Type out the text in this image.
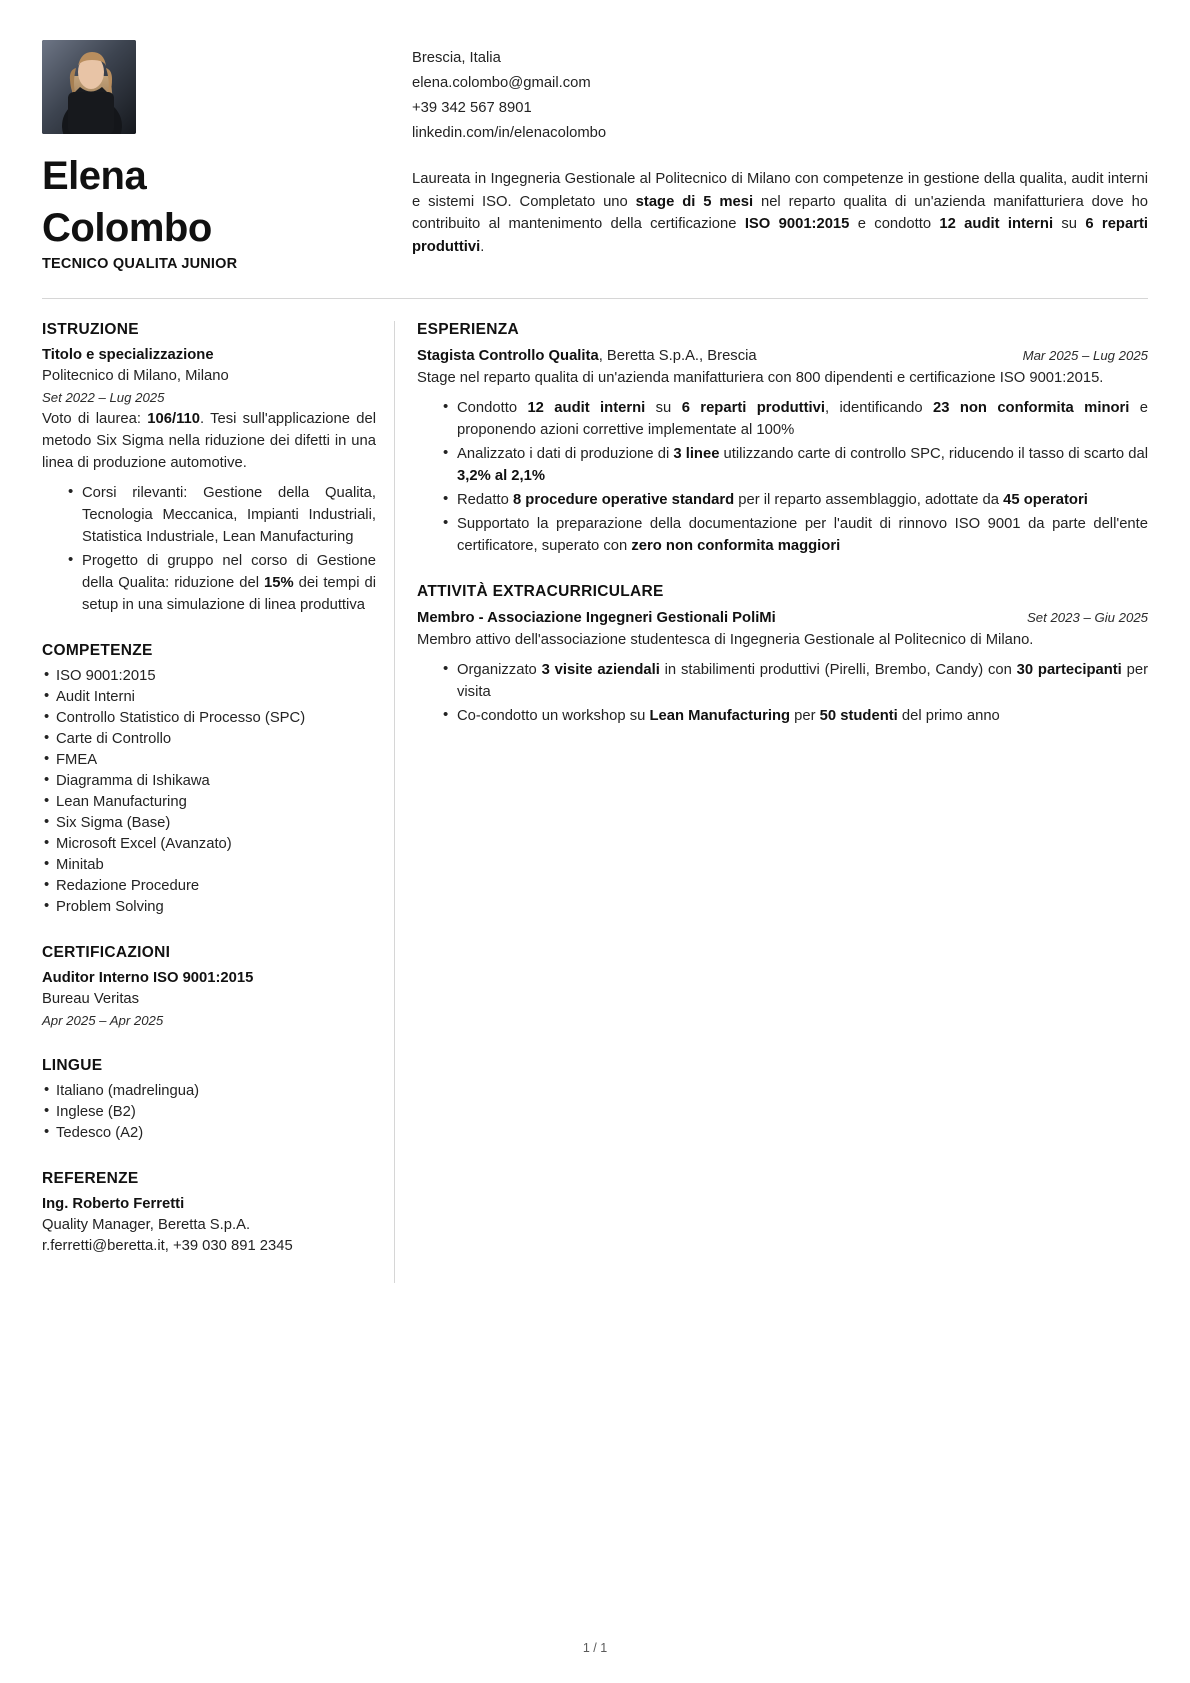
Elena
Colombo
TECNICO QUALITA JUNIOR
Brescia, Italia
elena.colombo@gmail.com
+39 342 567 8901
linkedin.com/in/elenacolombo
Laureata in Ingegneria Gestionale al Politecnico di Milano con competenze in gestione della qualita, audit interni e sistemi ISO. Completato uno stage di 5 mesi nel reparto qualita di un'azienda manifatturiera dove ho contribuito al mantenimento della certificazione ISO 9001:2015 e condotto 12 audit interni su 6 reparti produttivi.
ISTRUZIONE
Titolo e specializzazione
Politecnico di Milano, Milano
Set 2022 – Lug 2025
Voto di laurea: 106/110. Tesi sull'applicazione del metodo Six Sigma nella riduzione dei difetti in una linea di produzione automotive.
• Corsi rilevanti: Gestione della Qualita, Tecnologia Meccanica, Impianti Industriali, Statistica Industriale, Lean Manufacturing
• Progetto di gruppo nel corso di Gestione della Qualita: riduzione del 15% dei tempi di setup in una simulazione di linea produttiva
COMPETENZE
• ISO 9001:2015
• Audit Interni
• Controllo Statistico di Processo (SPC)
• Carte di Controllo
• FMEA
• Diagramma di Ishikawa
• Lean Manufacturing
• Six Sigma (Base)
• Microsoft Excel (Avanzato)
• Minitab
• Redazione Procedure
• Problem Solving
CERTIFICAZIONI
Auditor Interno ISO 9001:2015
Bureau Veritas
Apr 2025 – Apr 2025
LINGUE
• Italiano (madrelingua)
• Inglese (B2)
• Tedesco (A2)
REFERENZE
Ing. Roberto Ferretti
Quality Manager, Beretta S.p.A.
r.ferretti@beretta.it, +39 030 891 2345
ESPERIENZA
Stagista Controllo Qualita, Beretta S.p.A., Brescia	Mar 2025 – Lug 2025
Stage nel reparto qualita di un'azienda manifatturiera con 800 dipendenti e certificazione ISO 9001:2015.
• Condotto 12 audit interni su 6 reparti produttivi, identificando 23 non conformita minori e proponendo azioni correttive implementate al 100%
• Analizzato i dati di produzione di 3 linee utilizzando carte di controllo SPC, riducendo il tasso di scarto dal 3,2% al 2,1%
• Redatto 8 procedure operative standard per il reparto assemblaggio, adottate da 45 operatori
• Supportato la preparazione della documentazione per l'audit di rinnovo ISO 9001 da parte dell'ente certificatore, superato con zero non conformita maggiori
ATTIVITÀ EXTRACURRICULARE
Membro - Associazione Ingegneri Gestionali PoliMi	Set 2023 – Giu 2025
Membro attivo dell'associazione studentesca di Ingegneria Gestionale al Politecnico di Milano.
• Organizzato 3 visite aziendali in stabilimenti produttivi (Pirelli, Brembo, Candy) con 30 partecipanti per visita
• Co-condotto un workshop su Lean Manufacturing per 50 studenti del primo anno
1 / 1
